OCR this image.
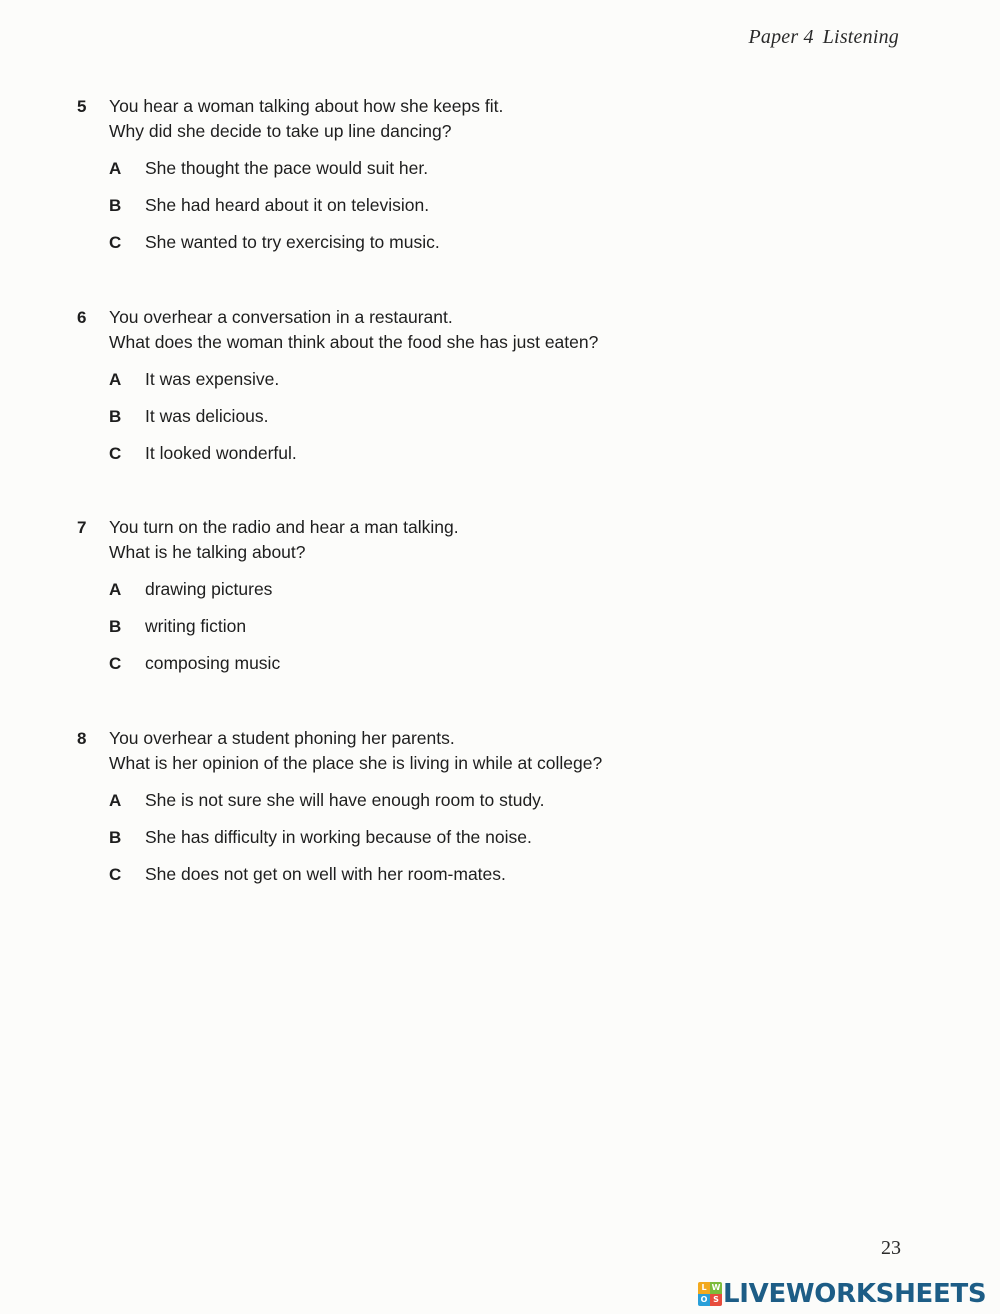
Paper 4 Listening
5 You hear a woman talking about how she keeps fit.
Why did she decide to take up line dancing?
A She thought the pace would suit her.
B She had heard about it on television.
C She wanted to try exercising to music.
6 You overhear a conversation in a restaurant.
What does the woman think about the food she has just eaten?
A It was expensive.
B It was delicious.
C It looked wonderful.
7 You turn on the radio and hear a man talking.
What is he talking about?
A drawing pictures
B writing fiction
C composing music
8 You overhear a student phoning her parents.
What is her opinion of the place she is living in while at college?
A She is not sure she will have enough room to study.
B She has difficulty in working because of the noise.
C She does not get on well with her room-mates.
23
L W
O S LIVEWORKSHEETS
